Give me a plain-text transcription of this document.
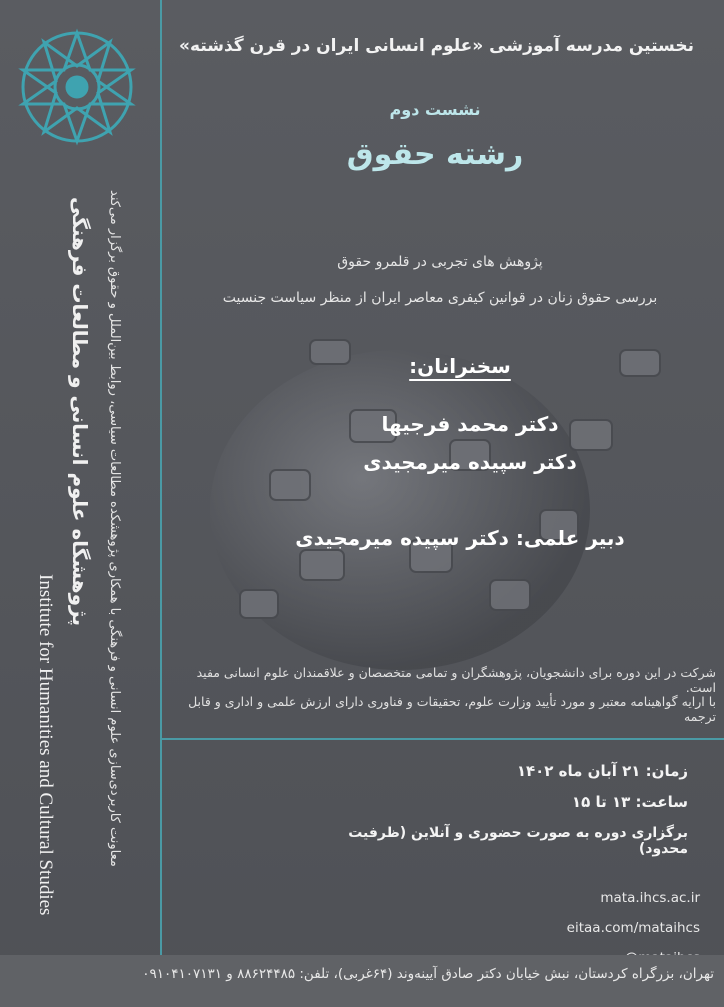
پژوهشگاه علوم انسانی و مطالعات فرهنگی معاونت کاربردی‌سازی علوم انسانی و فرهنگی با همکاری پژوهشکده مطالعات سیاسی، روابط بین‌الملل و حقوق برگزار می‌کند
Institute for Humanities and Cultural Studies
نخستین مدرسه آموزشی «علوم انسانی ایران در قرن گذشته»
نشست دوم
رشته حقوق
پژوهش های تجربی در قلمرو حقوق
بررسی حقوق زنان در قوانین کیفری معاصر ایران از منظر سیاست جنسیت
سخنرانان:
دکتر محمد فرجیها
دکتر سپیده میرمجیدی
دبیر علمی: دکتر سپیده میرمجیدی
شرکت در این دوره برای دانشجویان، پژوهشگران و تمامی متخصصان و علاقمندان علوم انسانی مفید است.
با ارایه گواهینامه معتبر و مورد تأیید وزارت علوم، تحقیقات و فناوری دارای ارزش علمی و اداری و قابل ترجمه
زمان: ۲۱ آبان ماه ۱۴۰۲
ساعت: ۱۳ تا ۱۵
برگزاری دوره به صورت حضوری و آنلاین (ظرفیت محدود)
mata.ihcs.ac.ir
eitaa.com/mataihcs
تهران، بزرگراه کردستان، نبش خیابان دکتر صادق آیینه‌وند (۶۴غربی)، تلفن: ۸۸۶۲۴۴۸۵ و ۰۹۱۰۴۱۰۷۱۳۱
